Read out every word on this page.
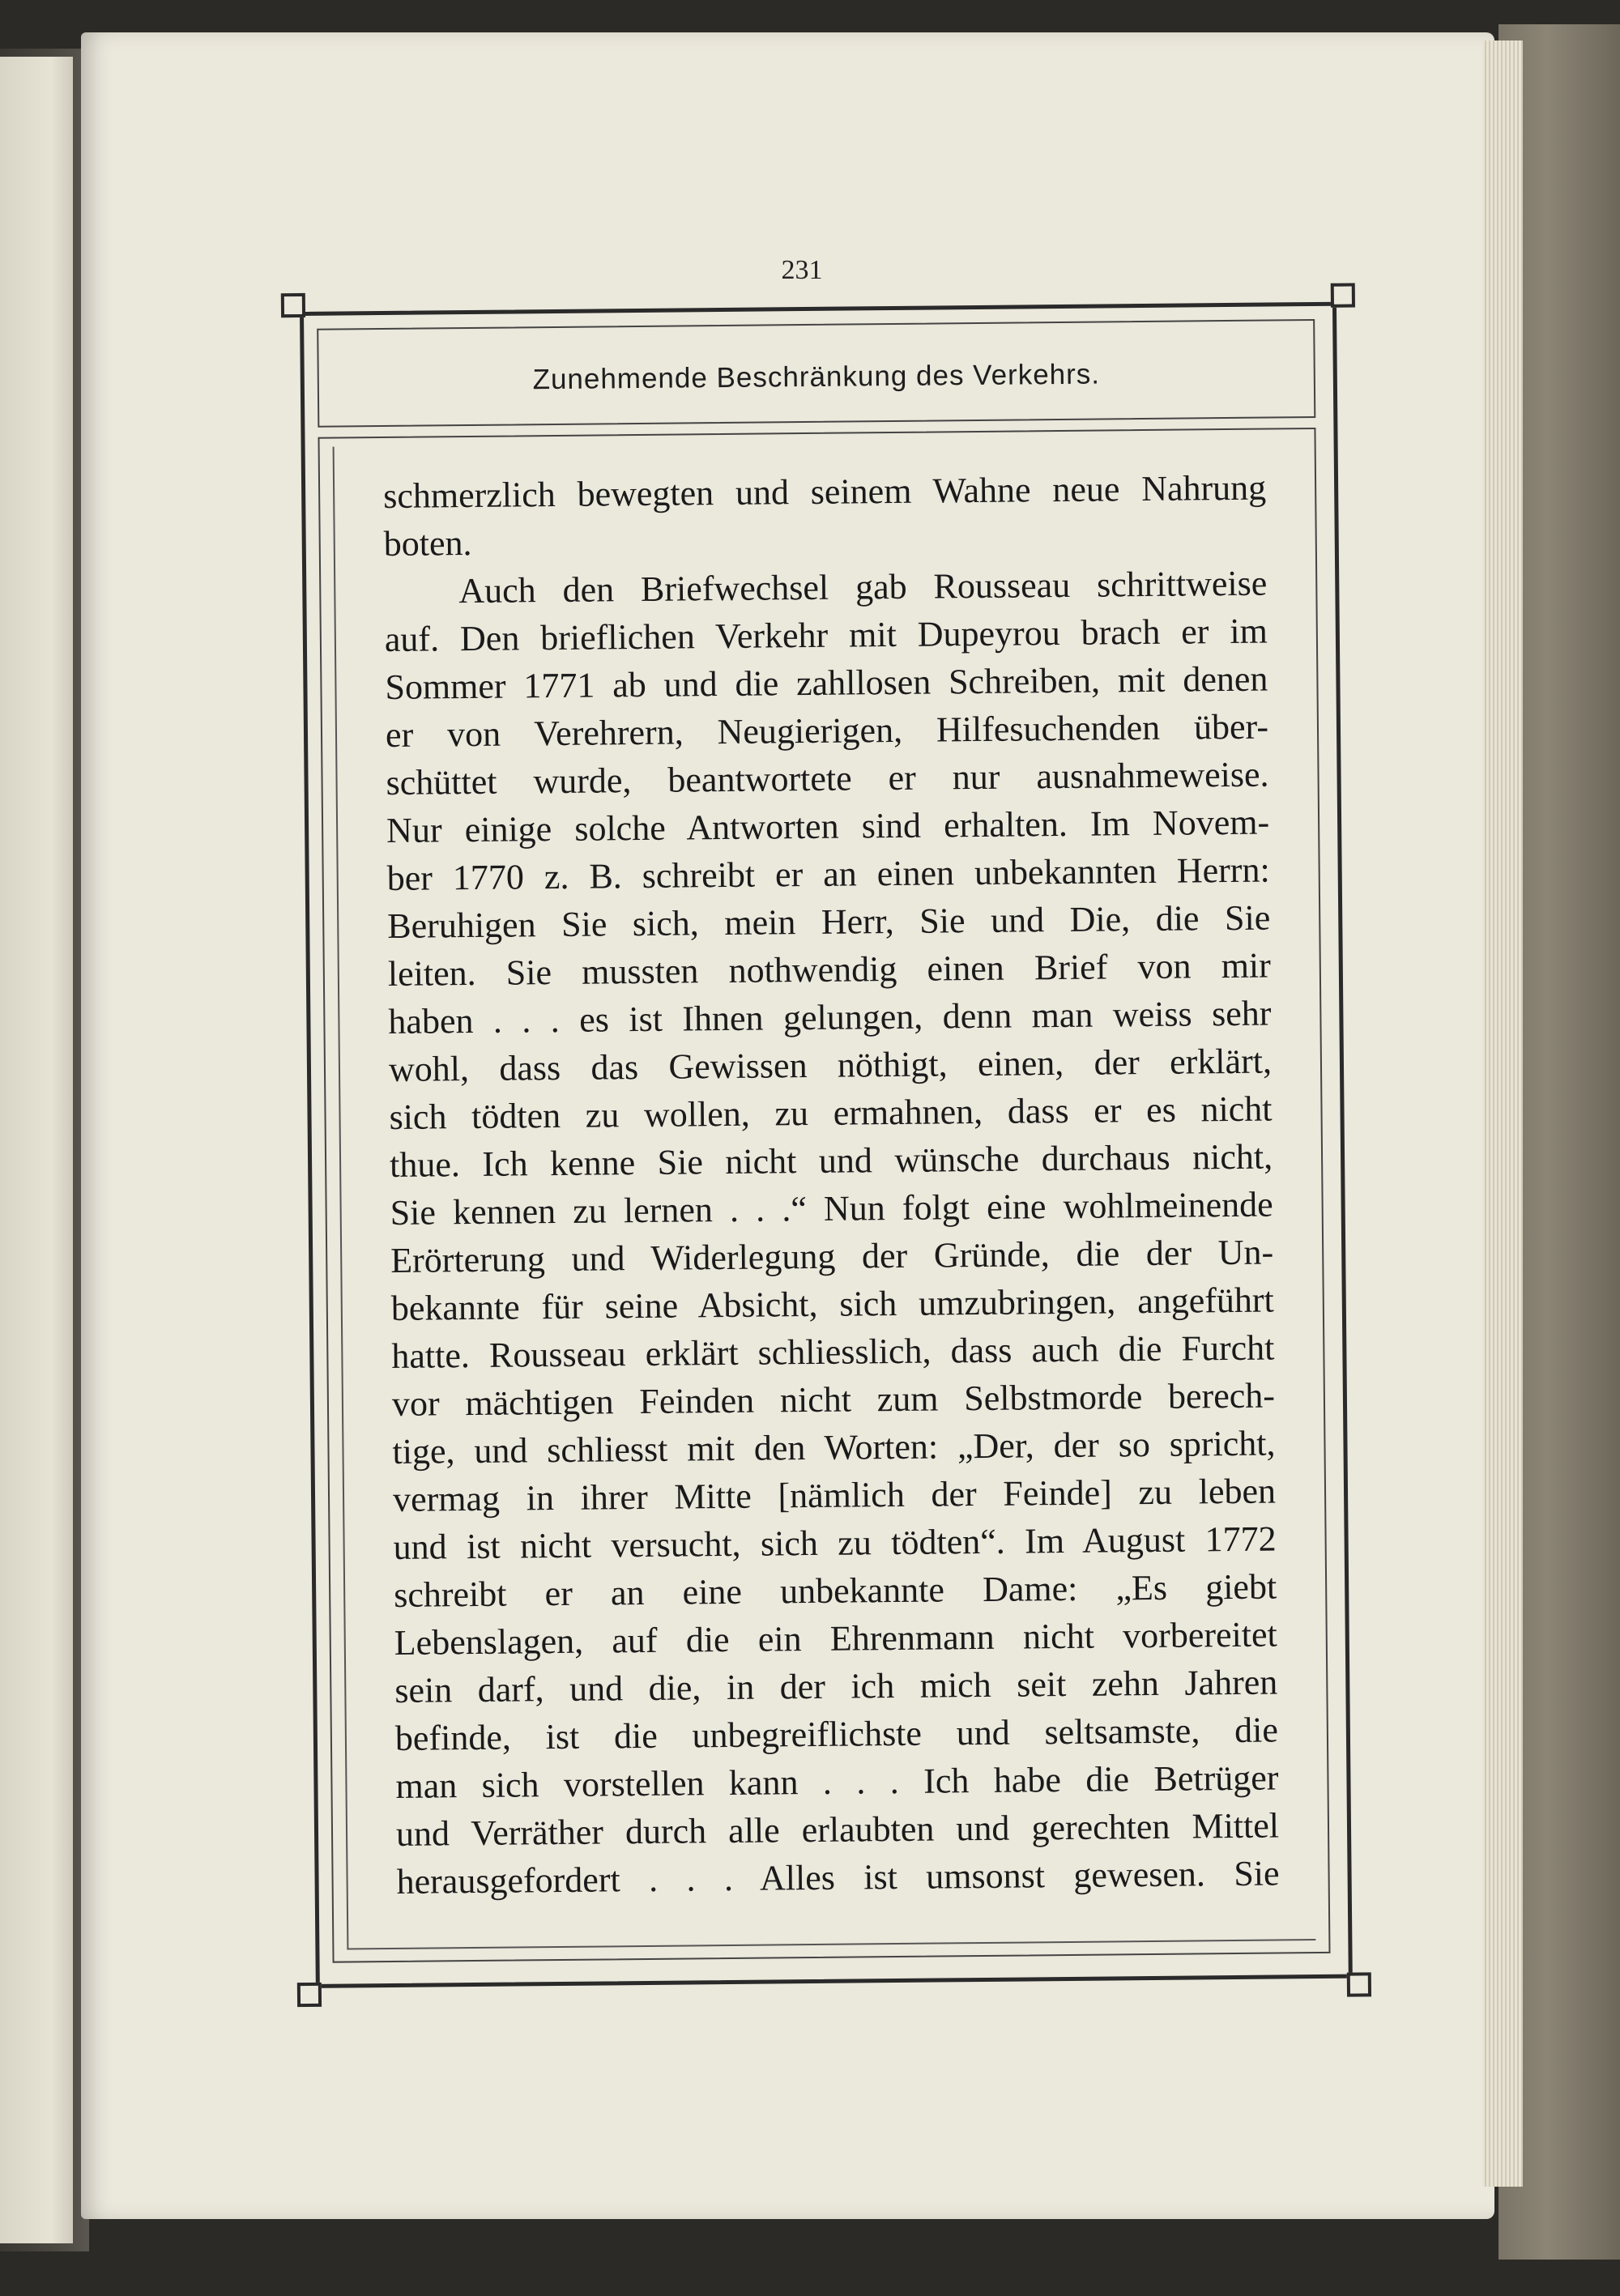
231
Zunehmende Beschränkung des Verkehrs.
schmerzlich bewegten und seinem Wahne neue Nahrung
boten.
Auch den Briefwechsel gab Rousseau schrittweise
auf. Den brieflichen Verkehr mit Dupeyrou brach er im
Sommer 1771 ab und die zahllosen Schreiben, mit denen
er von Verehrern, Neugierigen, Hilfesuchenden über-
schüttet wurde, beantwortete er nur ausnahmeweise.
Nur einige solche Antworten sind erhalten. Im Novem-
ber 1770 z. B. schreibt er an einen unbekannten Herrn:
Beruhigen Sie sich, mein Herr, Sie und Die, die Sie
leiten. Sie mussten nothwendig einen Brief von mir
haben . . . es ist Ihnen gelungen, denn man weiss sehr
wohl, dass das Gewissen nöthigt, einen, der erklärt,
sich tödten zu wollen, zu ermahnen, dass er es nicht
thue. Ich kenne Sie nicht und wünsche durchaus nicht,
Sie kennen zu lernen . . .“ Nun folgt eine wohlmeinende
Erörterung und Widerlegung der Gründe, die der Un-
bekannte für seine Absicht, sich umzubringen, angeführt
hatte. Rousseau erklärt schliesslich, dass auch die Furcht
vor mächtigen Feinden nicht zum Selbstmorde berech-
tige, und schliesst mit den Worten: „Der, der so spricht,
vermag in ihrer Mitte [nämlich der Feinde] zu leben
und ist nicht versucht, sich zu tödten“. Im August 1772
schreibt er an eine unbekannte Dame: „Es giebt
Lebenslagen, auf die ein Ehrenmann nicht vorbereitet
sein darf, und die, in der ich mich seit zehn Jahren
befinde, ist die unbegreiflichste und seltsamste, die
man sich vorstellen kann . . . Ich habe die Betrüger
und Verräther durch alle erlaubten und gerechten Mittel
herausgefordert . . . Alles ist umsonst gewesen. Sie
